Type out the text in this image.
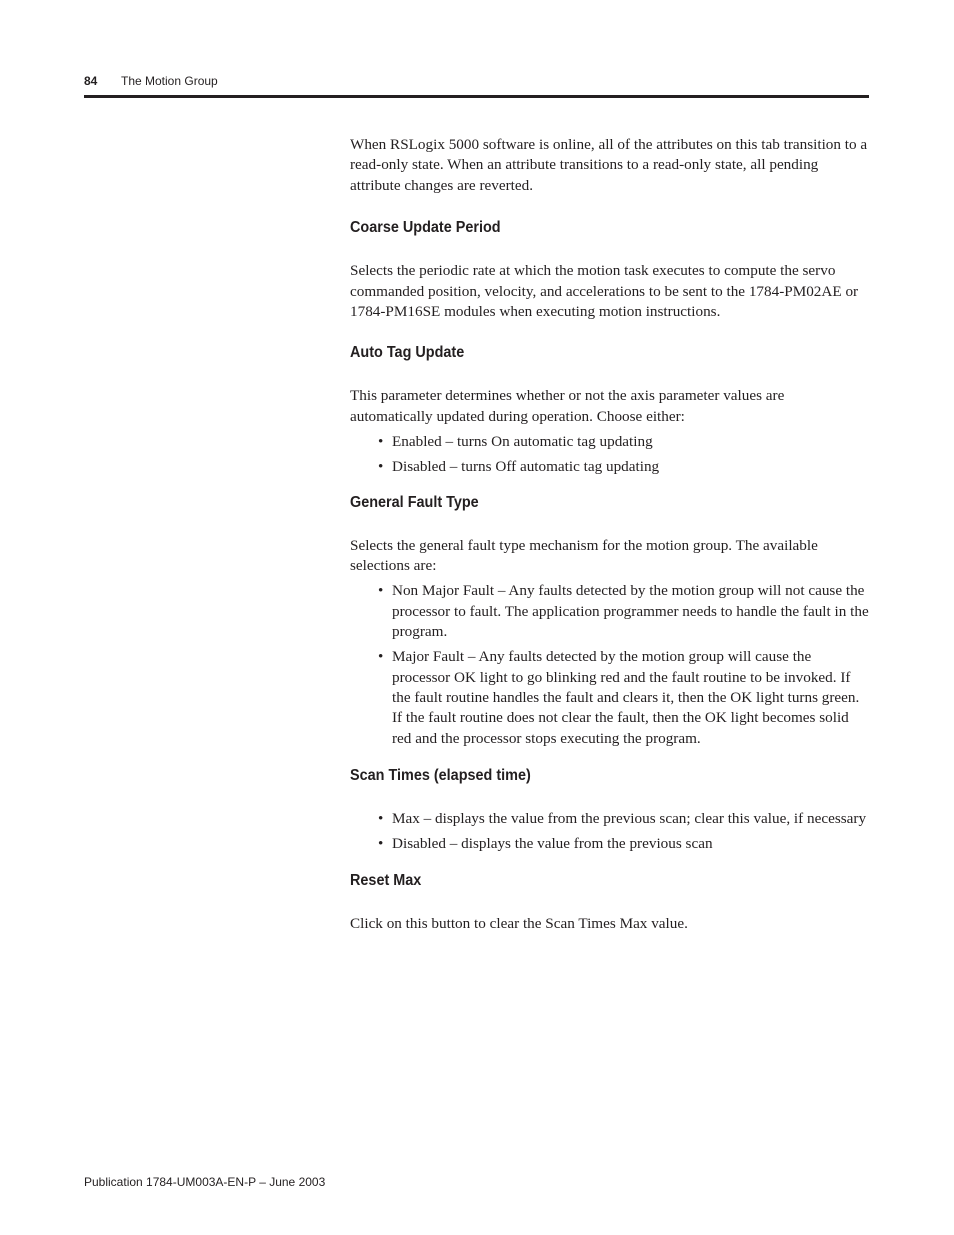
84 The Motion Group

When RSLogix 5000 software is online, all of the attributes on this tab transition to a read-only state. When an attribute transitions to a read-only state, all pending attribute changes are reverted.

Coarse Update Period

Selects the periodic rate at which the motion task executes to compute the servo commanded position, velocity, and accelerations to be sent to the 1784-PM02AE or 1784-PM16SE modules when executing motion instructions.

Auto Tag Update

This parameter determines whether or not the axis parameter values are automatically updated during operation. Choose either:

• Enabled – turns On automatic tag updating
• Disabled – turns Off automatic tag updating
General Fault Type

Selects the general fault type mechanism for the motion group. The available selections are:

• Non Major Fault – Any faults detected by the motion group will not cause the processor to fault. The application programmer needs to handle the fault in the program.
• Major Fault – Any faults detected by the motion group will cause the processor OK light to go blinking red and the fault routine to be invoked. If the fault routine handles the fault and clears it, then the OK light turns green. If the fault routine does not clear the fault, then the OK light becomes solid red and the processor stops executing the program.
Scan Times (elapsed time)
• Max – displays the value from the previous scan; clear this value, if necessary
• Disabled – displays the value from the previous scan
Reset Max

Click on this button to clear the Scan Times Max value.

Publication 1784-UM003A-EN-P – June 2003
